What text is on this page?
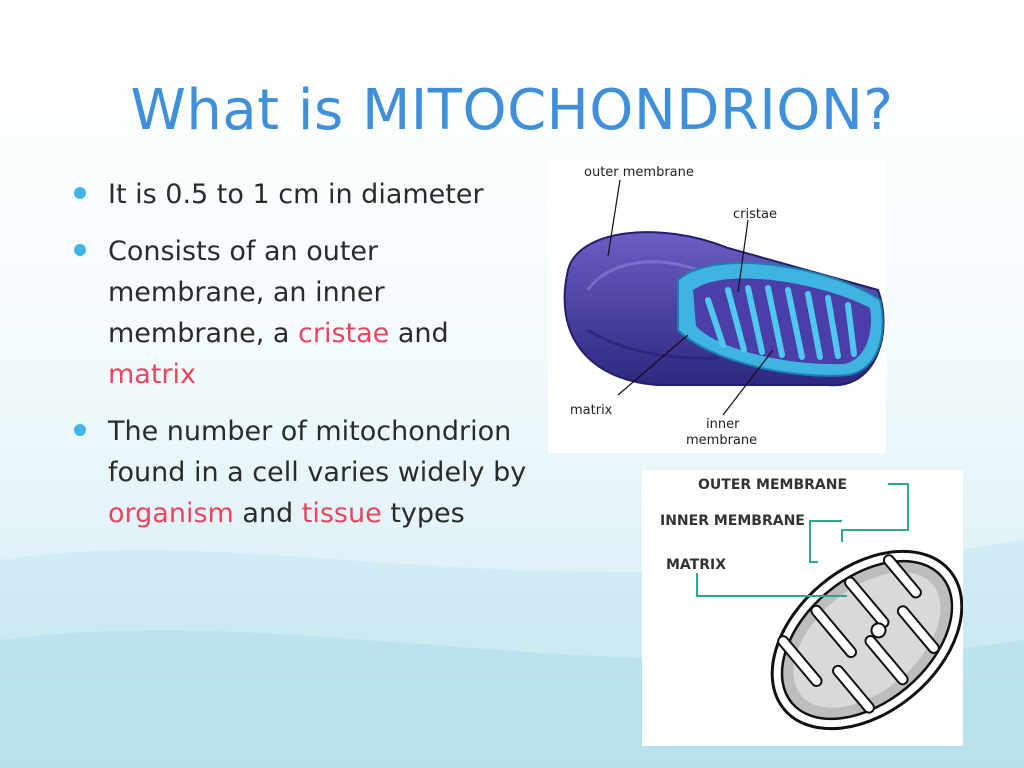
What is MITOCHONDRION?
It is 0.5 to 1 cm in diameter
Consists of an outer membrane, an inner membrane, a cristae and matrix
The number of mitochondrion found in a cell varies widely by organism and tissue types
outer membrane
cristae
matrix
inner
membrane
OUTER MEMBRANE
INNER MEMBRANE
MATRIX
